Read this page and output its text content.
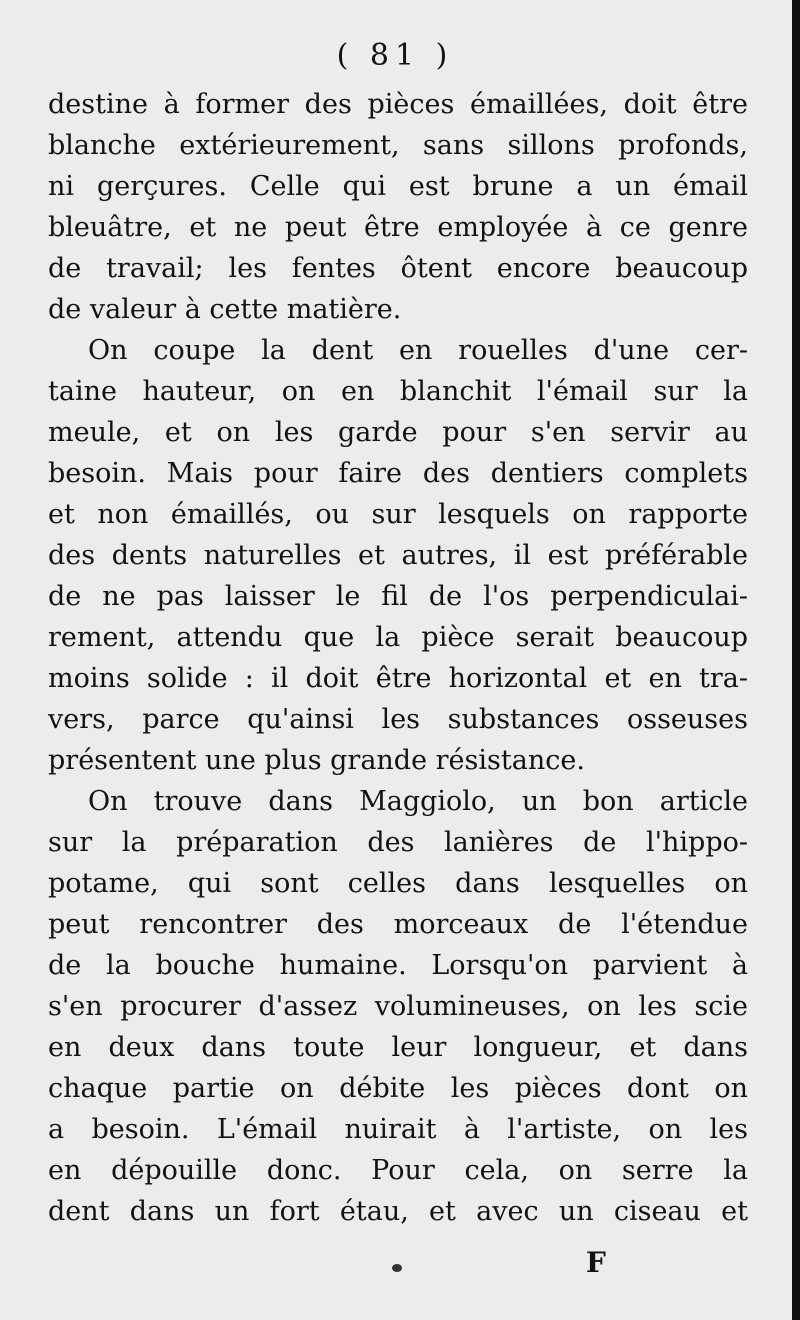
( 81 )
destine à former des pièces émaillées, doit être
blanche extérieurement, sans sillons profonds,
ni gerçures. Celle qui est brune a un émail
bleuâtre, et ne peut être employée à ce genre
de travail; les fentes ôtent encore beaucoup
de valeur à cette matière.
On coupe la dent en rouelles d'une cer-
taine hauteur, on en blanchit l'émail sur la
meule, et on les garde pour s'en servir au
besoin. Mais pour faire des dentiers complets
et non émaillés, ou sur lesquels on rapporte
des dents naturelles et autres, il est préférable
de ne pas laisser le fil de l'os perpendiculai-
rement, attendu que la pièce serait beaucoup
moins solide : il doit être horizontal et en tra-
vers, parce qu'ainsi les substances osseuses
présentent une plus grande résistance.
On trouve dans Maggiolo, un bon article
sur la préparation des lanières de l'hippo-
potame, qui sont celles dans lesquelles on
peut rencontrer des morceaux de l'étendue
de la bouche humaine. Lorsqu'on parvient à
s'en procurer d'assez volumineuses, on les scie
en deux dans toute leur longueur, et dans
chaque partie on débite les pièces dont on
a besoin. L'émail nuirait à l'artiste, on les
en dépouille donc. Pour cela, on serre la
dent dans un fort étau, et avec un ciseau et
F
